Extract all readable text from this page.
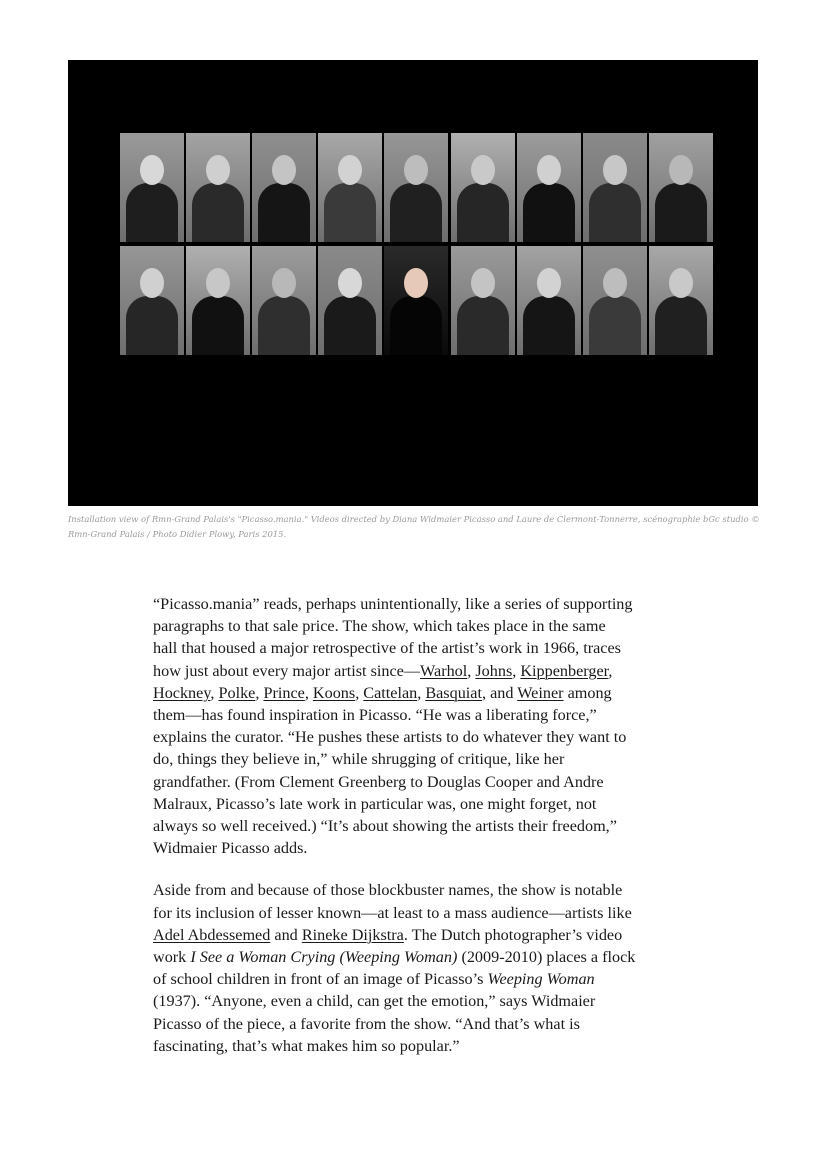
Installation view of Rmn-Grand Palais's "Picasso.mania." Videos directed by Diana Widmaier Picasso and Laure de Clermont-Tonnerre, scénographie bGc studio ©
Rmn-Grand Palais / Photo Didier Plowy, Paris 2015.

“Picasso.mania” reads, perhaps unintentionally, like a series of supporting
paragraphs to that sale price. The show, which takes place in the same
hall that housed a major retrospective of the artist’s work in 1966, traces
how just about every major artist since—Warhol, Johns, Kippenberger,
Hockney, Polke, Prince, Koons, Cattelan, Basquiat, and Weiner among
them—has found inspiration in Picasso. “He was a liberating force,”
explains the curator. “He pushes these artists to do whatever they want to
do, things they believe in,” while shrugging of critique, like her
grandfather. (From Clement Greenberg to Douglas Cooper and Andre
Malraux, Picasso’s late work in particular was, one might forget, not
always so well received.) “It’s about showing the artists their freedom,”
Widmaier Picasso adds.

Aside from and because of those blockbuster names, the show is notable
for its inclusion of lesser known—at least to a mass audience—artists like
Adel Abdessemed and Rineke Dijkstra. The Dutch photographer’s video
work I See a Woman Crying (Weeping Woman) (2009-2010) places a flock
of school children in front of an image of Picasso’s Weeping Woman
(1937). “Anyone, even a child, can get the emotion,” says Widmaier
Picasso of the piece, a favorite from the show. “And that’s what is
fascinating, that’s what makes him so popular.”
